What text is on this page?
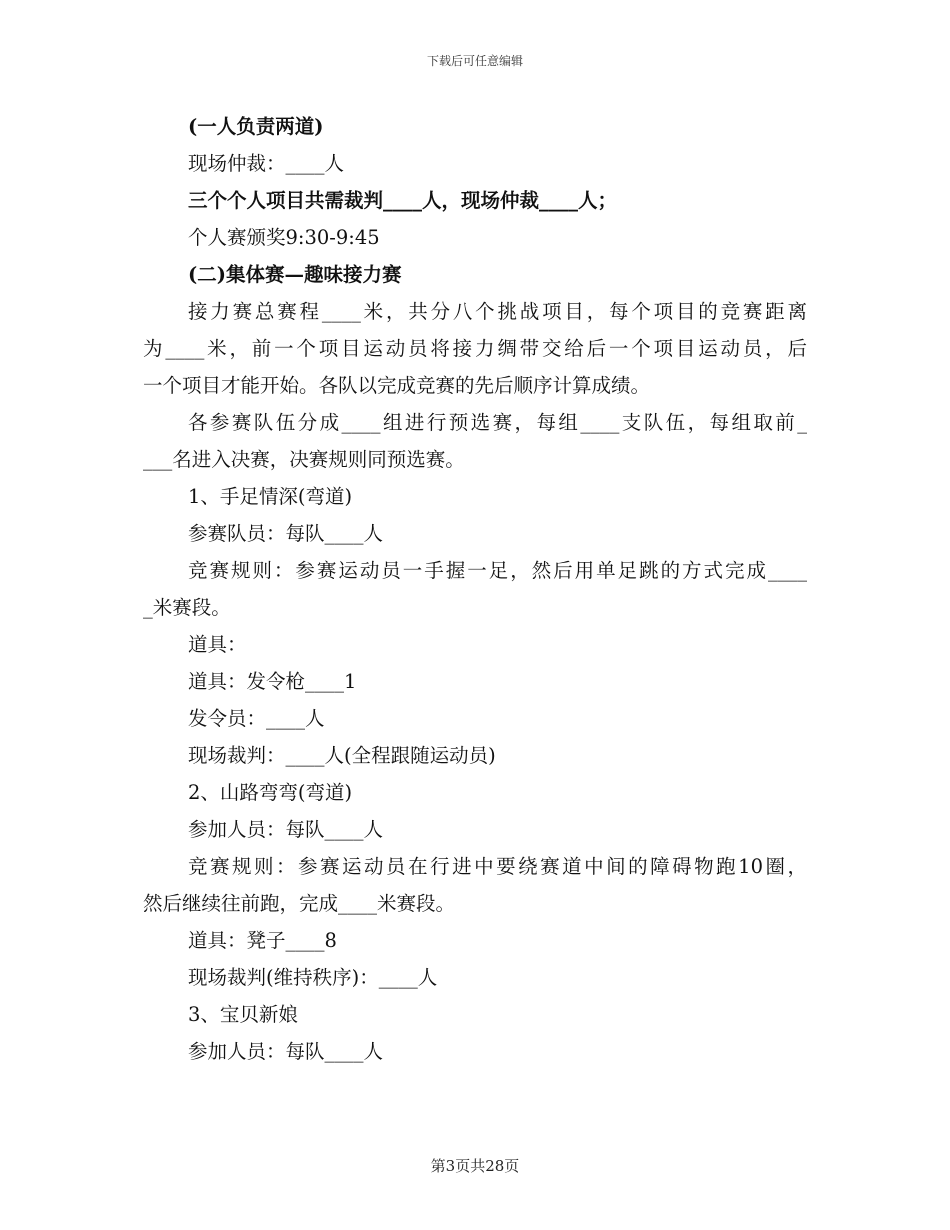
下载后可任意编辑
(一人负责两道)
现场仲裁：____人
三个个人项目共需裁判____人，现场仲裁____人；
个人赛颁奖9:30-9:45
(二)集体赛—趣味接力赛
接力赛总赛程____米，共分八个挑战项目，每个项目的竞赛距离
为____米，前一个项目运动员将接力绸带交给后一个项目运动员，后
一个项目才能开始。各队以完成竞赛的先后顺序计算成绩。
各参赛队伍分成____组进行预选赛，每组____支队伍，每组取前_
___名进入决赛，决赛规则同预选赛。
1、手足情深(弯道)
参赛队员：每队____人
竞赛规则：参赛运动员一手握一足，然后用单足跳的方式完成____
_米赛段。
道具：
道具：发令枪____1
发令员：____人
现场裁判：____人(全程跟随运动员)
2、山路弯弯(弯道)
参加人员：每队____人
竞赛规则：参赛运动员在行进中要绕赛道中间的障碍物跑10圈，
然后继续往前跑，完成____米赛段。
道具：凳子____8
现场裁判(维持秩序)：____人
3、宝贝新娘
参加人员：每队____人
第3页共28页
